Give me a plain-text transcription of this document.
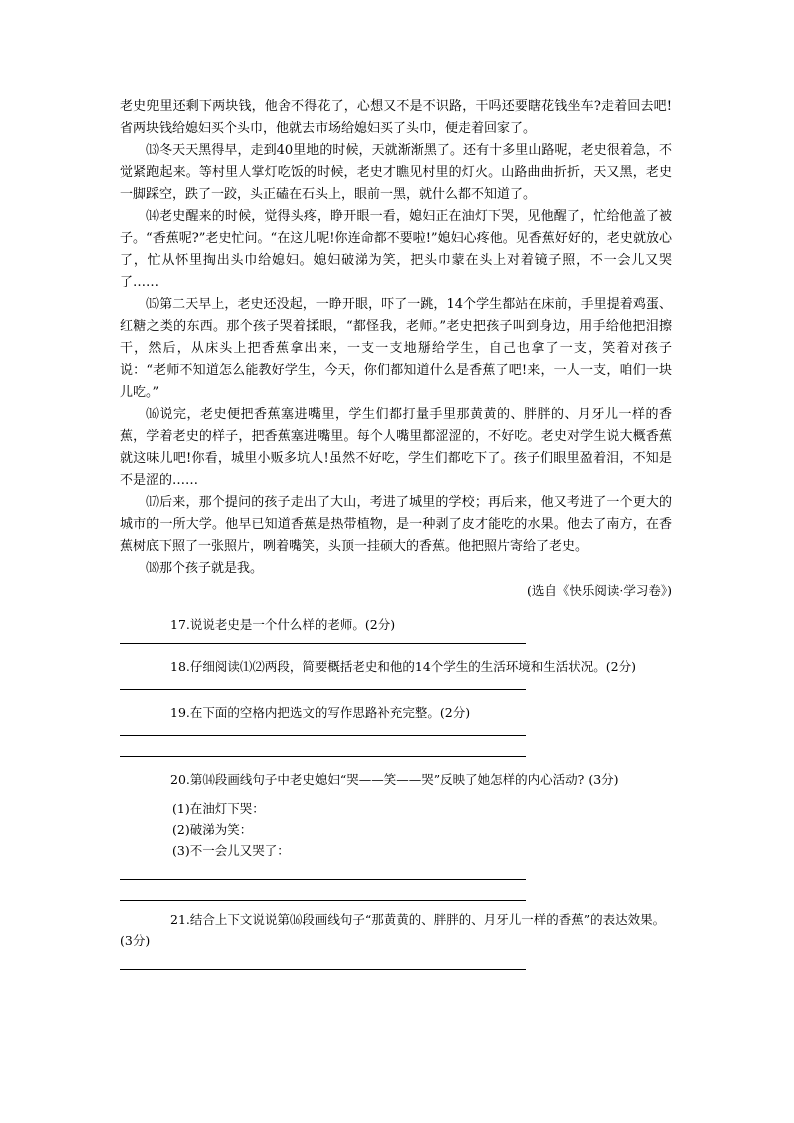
老史兜里还剩下两块钱，他舍不得花了，心想又不是不识路，干吗还要瞎花钱坐车?走着回去吧!省两块钱给媳妇买个头巾，他就去市场给媳妇买了头巾，便走着回家了。

⒀冬天天黑得早，走到40里地的时候，天就渐渐黑了。还有十多里山路呢，老史很着急，不觉紧跑起来。等村里人掌灯吃饭的时候，老史才瞧见村里的灯火。山路曲曲折折，天又黑，老史一脚踩空，跌了一跤，头正磕在石头上，眼前一黑，就什么都不知道了。

⒁老史醒来的时候，觉得头疼，睁开眼一看，媳妇正在油灯下哭，见他醒了，忙给他盖了被子。“香蕉呢?”老史忙问。“在这儿呢!你连命都不要啦!”媳妇心疼他。见香蕉好好的，老史就放心了，忙从怀里掏出头巾给媳妇。媳妇破涕为笑，把头巾蒙在头上对着镜子照，不一会儿又哭了……

⒂第二天早上，老史还没起，一睁开眼，吓了一跳，14个学生都站在床前，手里提着鸡蛋、红糖之类的东西。那个孩子哭着揉眼，“都怪我，老师。”老史把孩子叫到身边，用手给他把泪擦干，然后，从床头上把香蕉拿出来，一支一支地掰给学生，自己也拿了一支，笑着对孩子说：“老师不知道怎么能教好学生，今天，你们都知道什么是香蕉了吧!来，一人一支，咱们一块儿吃。”

⒃说完，老史便把香蕉塞进嘴里，学生们都打量手里那黄黄的、胖胖的、月牙儿一样的香蕉，学着老史的样子，把香蕉塞进嘴里。每个人嘴里都涩涩的，不好吃。老史对学生说大概香蕉就这味儿吧!你看，城里小贩多坑人!虽然不好吃，学生们都吃下了。孩子们眼里盈着泪，不知是不是涩的……

⒄后来，那个提问的孩子走出了大山，考进了城里的学校；再后来，他又考进了一个更大的城市的一所大学。他早已知道香蕉是热带植物，是一种剥了皮才能吃的水果。他去了南方，在香蕉树底下照了一张照片，咧着嘴笑，头顶一挂硕大的香蕉。他把照片寄给了老史。

⒅那个孩子就是我。

(选自《快乐阅读·学习卷》)

17.说说老史是一个什么样的老师。(2分)

18.仔细阅读⑴⑵两段，简要概括老史和他的14个学生的生活环境和生活状况。(2分)

19.在下面的空格内把选文的写作思路补充完整。(2分)

20.第⒁段画线句子中老史媳妇“哭——笑——哭”反映了她怎样的内心活动? (3分)

(1)在油灯下哭：

(2)破涕为笑：

(3)不一会儿又哭了：

21.结合上下文说说第⒃段画线句子“那黄黄的、胖胖的、月牙儿一样的香蕉”的表达效果。(3分)
